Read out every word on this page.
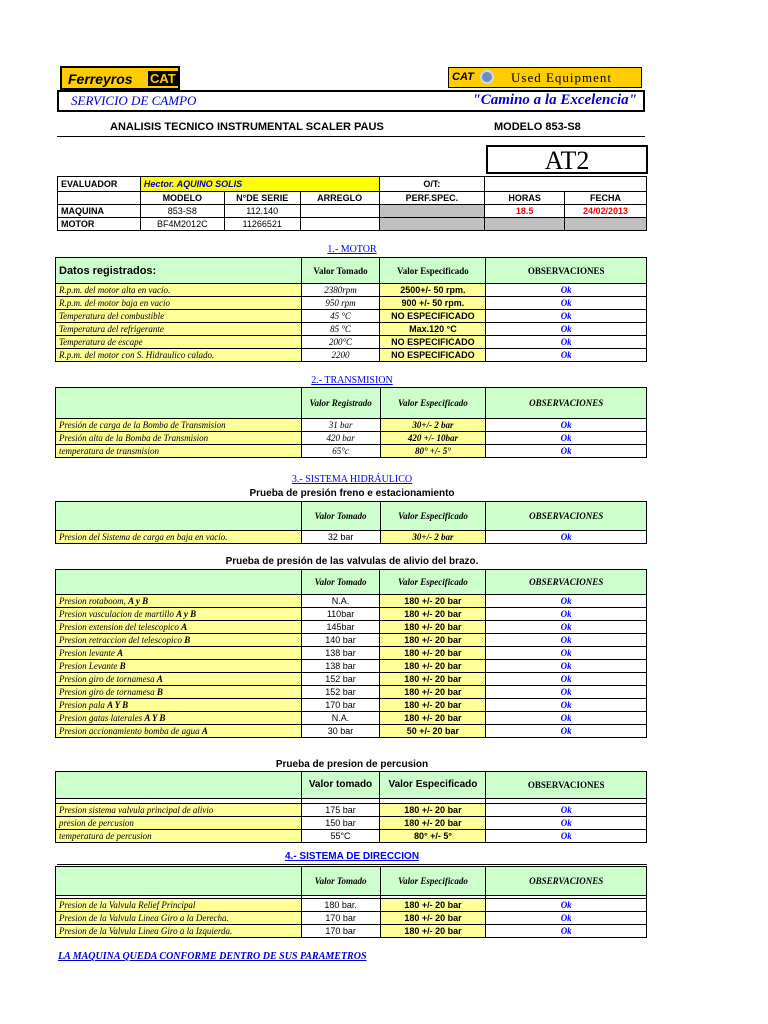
Ferreyros CAT	CAT	Used Equipment
SERVICIO DE CAMPO	"Camino a la Excelencia"
ANALISIS TECNICO INSTRUMENTAL SCALER PAUS	MODELO 853-S8
AT2
EVALUADOR	Hector. AQUINO SOLIS			O/T:		
	MODELO	N°DE SERIE	ARREGLO	PERF.SPEC.	HORAS	FECHA
MAQUINA	853-S8	112.140			18.5	24/02/2013
MOTOR	BF4M2012C	11266521				
1.- MOTOR
Datos registrados:	Valor Tomado	Valor Especificado	OBSERVACIONES
R.p.m. del motor alta en vacío.	2380rpm	2500+/- 50 rpm.	Ok
R.p.m. del motor baja en vacío	950 rpm	900 +/- 50 rpm.	Ok
Temperatura del combustible	45 °C	NO ESPECIFICADO	Ok
Temperatura del refrigerante	85 °C	Max.120 °C	Ok
Temperatura de escape	200°C	NO ESPECIFICADO	Ok
R.p.m. del motor con S. Hidraulico calado.	2200	NO ESPECIFICADO	Ok
2.- TRANSMISION
	Valor Registrado	Valor Especificado	OBSERVACIONES
Presión de carga de la Bomba de Transmision	31 bar	30+/- 2 bar	Ok
Presión alta de la Bomba de Transmision	420 bar	420 +/- 10bar	Ok
temperatura de transmision	65°c	80° +/- 5°	Ok
3.- SISTEMA HIDRÁULICO
Prueba de presión freno e estacionamiento
	Valor Tomado	Valor Especificado	OBSERVACIONES
Presion del Sistema de carga en baja en vacío.	32 bar	30+/- 2 bar	Ok
Prueba de presión de las valvulas de alivio del brazo.
	Valor Tomado	Valor Especificado	OBSERVACIONES
Presion rotaboom, A y B	N.A.	180 +/- 20 bar	Ok
Presion vasculacion de martillo A y B	110bar	180 +/- 20 bar	Ok
Presion extension del telescopico A	145bar	180 +/- 20 bar	Ok
Presion retraccion del telescopico B	140 bar	180 +/- 20 bar	Ok
Presion levante A	138 bar	180 +/- 20 bar	Ok
Presion Levante B	138 bar	180 +/- 20 bar	Ok
Presion giro de tornamesa A	152 bar	180 +/- 20 bar	Ok
Presion giro de tornamesa B	152 bar	180 +/- 20 bar	Ok
Presion pala A Y B	170 bar	180 +/- 20 bar	Ok
Presion gatas laterales A Y B	N.A.	180 +/- 20 bar	Ok
Presion accionamiento bomba de agua A	30 bar	50 +/- 20 bar	Ok
Prueba de presion de percusion
	Valor tomado	Valor Especificado	OBSERVACIONES

Presion sistema valvula principal de alivio	175 bar	180 +/- 20 bar	Ok
presion de percusion	150 bar	180 +/- 20 bar	Ok
temperatura de percusion	55°C	80° +/- 5°	Ok
4.- SISTEMA DE DIRECCION
	Valor Tomado	Valor Especificado	OBSERVACIONES

Presion de la Valvula Relief Principal	180 bar.	180 +/- 20 bar	Ok
Presion de la Valvula Linea Giro a la Derecha.	170 bar	180 +/- 20 bar	Ok
Presion de la Valvula Linea Giro a la Izquierda.	170 bar	180 +/- 20 bar	Ok
LA MAQUINA QUEDA CONFORME DENTRO DE SUS PARAMETROS
